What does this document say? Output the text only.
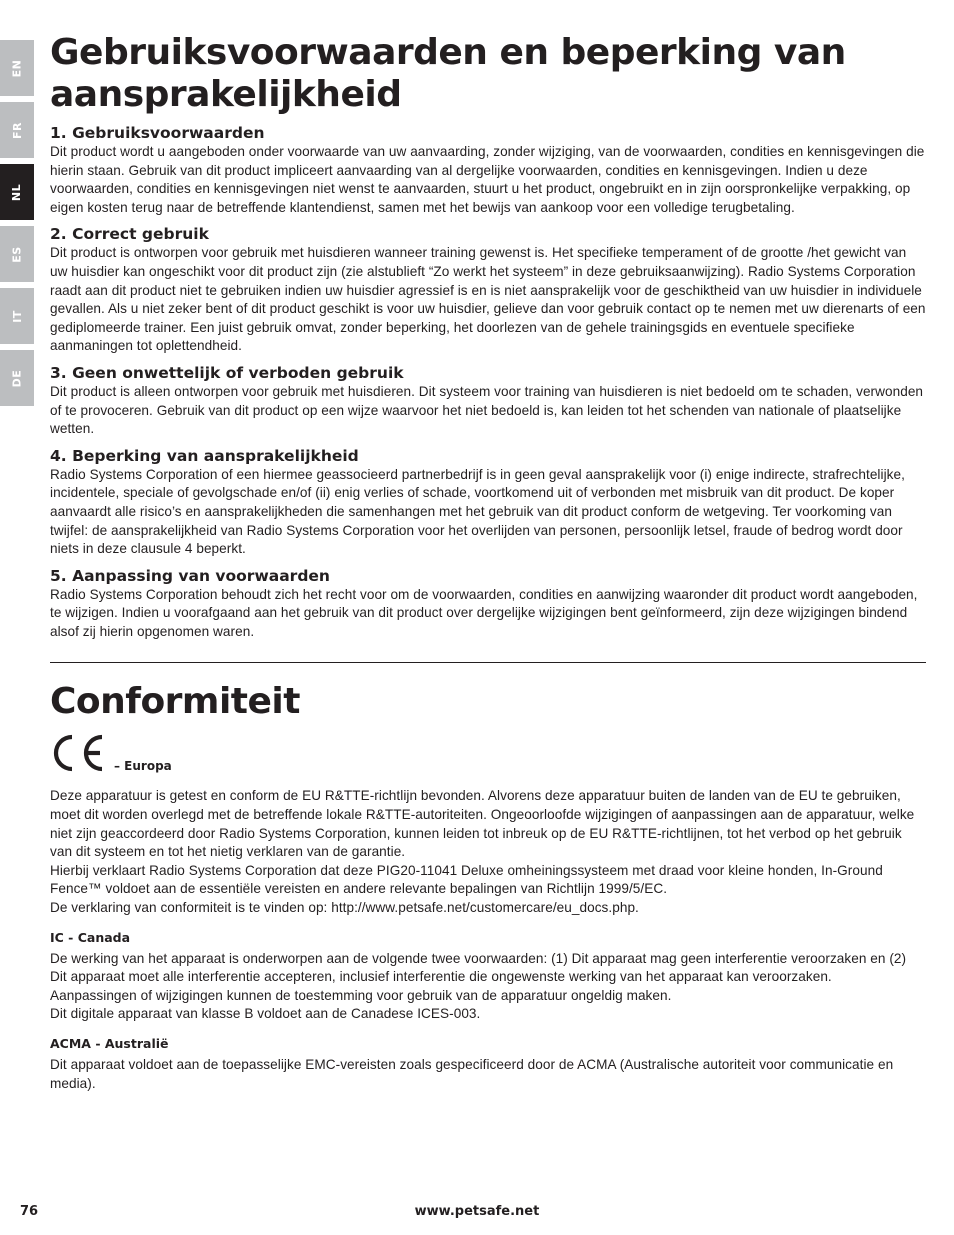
EN
FR
NL
ES
IT
DE
Gebruiksvoorwaarden en beperking van aansprakelijkheid
1. Gebruiksvoorwaarden

Dit product wordt u aangeboden onder voorwaarde van uw aanvaarding, zonder wijziging, van de voorwaarden, condities en kennisgevingen die hierin staan. Gebruik van dit product impliceert aanvaarding van al dergelijke voorwaarden, condities en kennisgevingen. Indien u deze voorwaarden, condities en kennisgevingen niet wenst te aanvaarden, stuurt u het product, ongebruikt en in zijn oorspronkelijke verpakking, op eigen kosten terug naar de betreffende klantendienst, samen met het bewijs van aankoop voor een volledige terugbetaling.

2. Correct gebruik

Dit product is ontworpen voor gebruik met huisdieren wanneer training gewenst is. Het specifieke temperament of de grootte /het gewicht van uw huisdier kan ongeschikt voor dit product zijn (zie alstublieft “Zo werkt het systeem” in deze gebruiksaanwijzing). Radio Systems Corporation raadt aan dit product niet te gebruiken indien uw huisdier agressief is en is niet aansprakelijk voor de geschiktheid van uw huisdier in individuele gevallen. Als u niet zeker bent of dit product geschikt is voor uw huisdier, gelieve dan voor gebruik contact op te nemen met uw dierenarts of een gediplomeerde trainer. Een juist gebruik omvat, zonder beperking, het doorlezen van de gehele trainingsgids en eventuele specifieke aanmaningen tot oplettendheid.

3. Geen onwettelijk of verboden gebruik

Dit product is alleen ontworpen voor gebruik met huisdieren. Dit systeem voor training van huisdieren is niet bedoeld om te schaden, verwonden of te provoceren. Gebruik van dit product op een wijze waarvoor het niet bedoeld is, kan leiden tot het schenden van nationale of plaatselijke wetten.

4. Beperking van aansprakelijkheid

Radio Systems Corporation of een hiermee geassocieerd partnerbedrijf is in geen geval aansprakelijk voor (i) enige indirecte, strafrechtelijke, incidentele, speciale of gevolgschade en/of (ii) enig verlies of schade, voortkomend uit of verbonden met misbruik van dit product. De koper aanvaardt alle risico’s en aansprakelijkheden die samenhangen met het gebruik van dit product conform de wetgeving. Ter voorkoming van twijfel: de aansprakelijkheid van Radio Systems Corporation voor het overlijden van personen, persoonlijk letsel, fraude of bedrog wordt door niets in deze clausule 4 beperkt.

5. Aanpassing van voorwaarden

Radio Systems Corporation behoudt zich het recht voor om de voorwaarden, condities en aanwijzing waaronder dit product wordt aangeboden, te wijzigen. Indien u voorafgaand aan het gebruik van dit product over dergelijke wijzigingen bent geïnformeerd, zijn deze wijzigingen bindend alsof zij hierin opgenomen waren.

Conformiteit
– Europa

Deze apparatuur is getest en conform de EU R&TTE-richtlijn bevonden. Alvorens deze apparatuur buiten de landen van de EU te gebruiken, moet dit worden overlegd met de betreffende lokale R&TTE-autoriteiten. Ongeoorloofde wijzigingen of aanpassingen aan de apparatuur, welke niet zijn geaccordeerd door Radio Systems Corporation, kunnen leiden tot inbreuk op de EU R&TTE-richtlijnen, tot het verbod op het gebruik van dit systeem en tot het nietig verklaren van de garantie.

Hierbij verklaart Radio Systems Corporation dat deze PIG20-11041 Deluxe omheiningssysteem met draad voor kleine honden, In-Ground Fence™ voldoet aan de essentiële vereisten en andere relevante bepalingen van Richtlijn 1999/5/EC.

De verklaring van conformiteit is te vinden op: http://www.petsafe.net/customercare/eu_docs.php.

IC - Canada

De werking van het apparaat is onderworpen aan de volgende twee voorwaarden: (1) Dit apparaat mag geen interferentie veroorzaken en (2) Dit apparaat moet alle interferentie accepteren, inclusief interferentie die ongewenste werking van het apparaat kan veroorzaken.

Aanpassingen of wijzigingen kunnen de toestemming voor gebruik van de apparatuur ongeldig maken.

Dit digitale apparaat van klasse B voldoet aan de Canadese ICES-003.

ACMA - Australië

Dit apparaat voldoet aan de toepasselijke EMC-vereisten zoals gespecificeerd door de ACMA (Australische autoriteit voor communicatie en media).

76	www.petsafe.net
